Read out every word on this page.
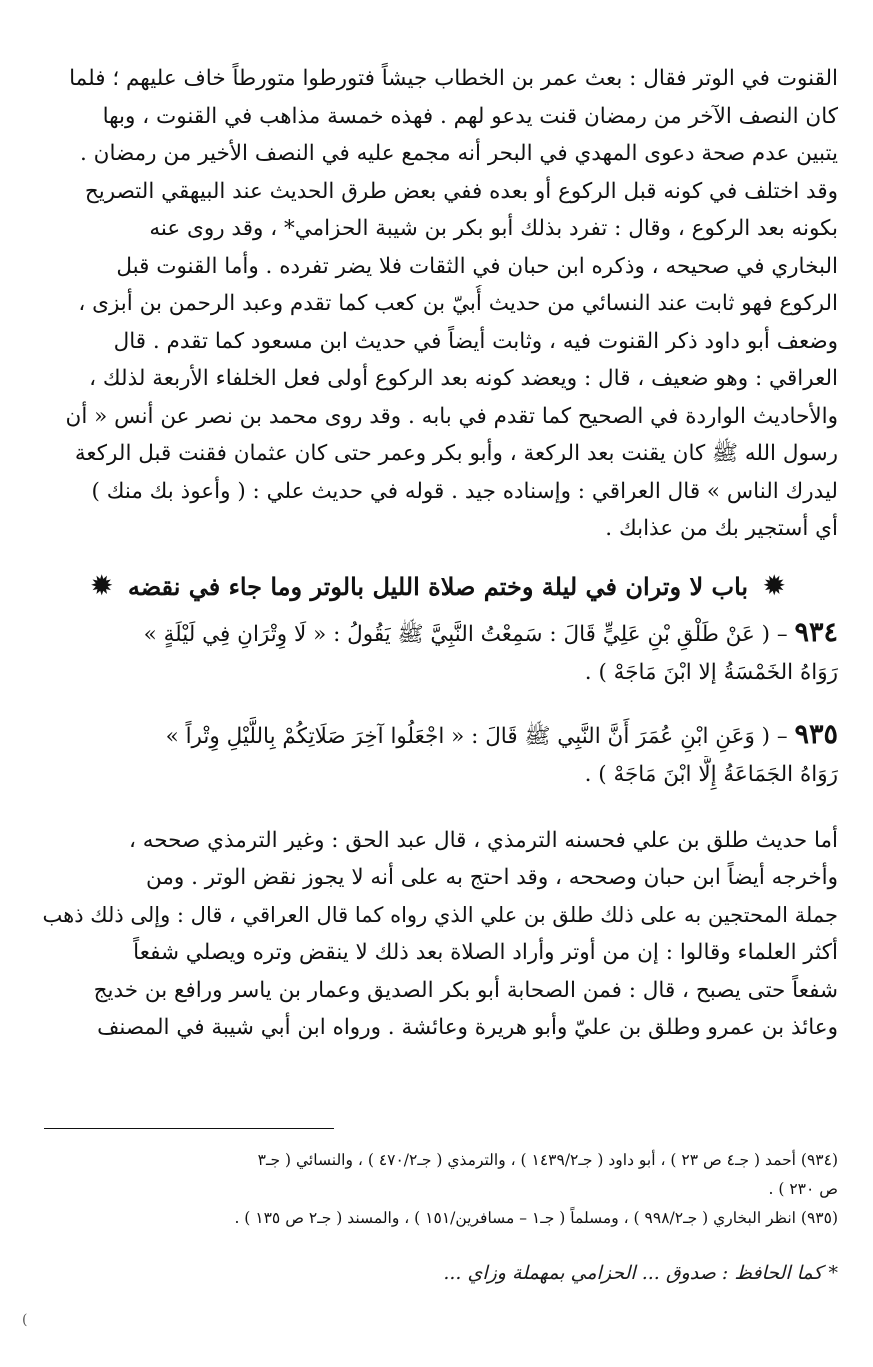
القنوت في الوتر فقال : بعث عمر بن الخطاب جيشاً فتورطوا متورطاً خاف عليهم ؛ فلما

كان النصف الآخر من رمضان قنت يدعو لهم . فهذه خمسة مذاهب في القنوت ، وبها

يتبين عدم صحة دعوى المهدي في البحر أنه مجمع عليه في النصف الأخير من رمضان .

وقد اختلف في كونه قبل الركوع أو بعده ففي بعض طرق الحديث عند البيهقي التصريح

بكونه بعد الركوع ، وقال : تفرد بذلك أبو بكر بن شيبة الحزامي* ، وقد روى عنه

البخاري في صحيحه ، وذكره ابن حبان في الثقات فلا يضر تفرده . وأما القنوت قبل

الركوع فهو ثابت عند النسائي من حديث أُبيّ بن كعب كما تقدم وعبد الرحمن بن أبزى ،

وضعف أبو داود ذكر القنوت فيه ، وثابت أيضاً في حديث ابن مسعود كما تقدم . قال

العراقي : وهو ضعيف ، قال : ويعضد كونه بعد الركوع أولى فعل الخلفاء الأربعة لذلك ،

والأحاديث الواردة في الصحيح كما تقدم في بابه . وقد روى محمد بن نصر عن أنس « أن

رسول الله ﷺ كان يقنت بعد الركعة ، وأبو بكر وعمر حتى كان عثمان فقنت قبل الركعة

ليدرك الناس » قال العراقي : وإسناده جيد . قوله في حديث علي : ( وأعوذ بك منك )

أي أستجير بك من عذابك .

✹ باب لا وتران في ليلة وختم صلاة الليل بالوتر وما جاء في نقضه ✹

٩٣٤ – ( عَنْ طَلْقِ بْنِ عَلِيٍّ قَالَ : سَمِعْتُ النَّبِيَّ ﷺ يَقُولُ : « لَا وِتْرَانِ فِي لَيْلَةٍ »

رَوَاهُ الخَمْسَةُ إلا ابْنَ مَاجَهْ ) .

٩٣٥ – ( وَعَنِ ابْنِ عُمَرَ أَنَّ النَّبِي ﷺ قَالَ : « اجْعَلُوا آخِرَ صَلَاتِكُمْ بِاللَّيْلِ وِتْراً »

رَوَاهُ الجَمَاعَةُ إِلَّا ابْنَ مَاجَهْ ) .

أما حديث طلق بن علي فحسنه الترمذي ، قال عبد الحق : وغير الترمذي صححه ،

وأخرجه أيضاً ابن حبان وصححه ، وقد احتج به على أنه لا يجوز نقض الوتر . ومن

جملة المحتجين به على ذلك طلق بن علي الذي رواه كما قال العراقي ، قال : وإلى ذلك ذهب

أكثر العلماء وقالوا : إن من أوتر وأراد الصلاة بعد ذلك لا ينقض وتره ويصلي شفعاً

شفعاً حتى يصبح ، قال : فمن الصحابة أبو بكر الصديق وعمار بن ياسر ورافع بن خديج

وعائذ بن عمرو وطلق بن عليّ وأبو هريرة وعائشة . ورواه ابن أبي شيبة في المصنف

(٩٣٤) أحمد ( جـ٤ ص ٢٣ ) ، أبو داود ( جـ١٤٣٩/٢ ) ، والترمذي ( جـ٤٧٠/٢ ) ، والنسائي ( جـ٣

ص ٢٣٠ ) .

(٩٣٥) انظر البخاري ( جـ٩٩٨/٢ ) ، ومسلماً ( جـ١ – مسافرين/١٥١ ) ، والمسند ( جـ٢ ص ١٣٥ ) .

* كما الحافظ : صدوق ... الحزامي بمهملة وزاي ...
(
